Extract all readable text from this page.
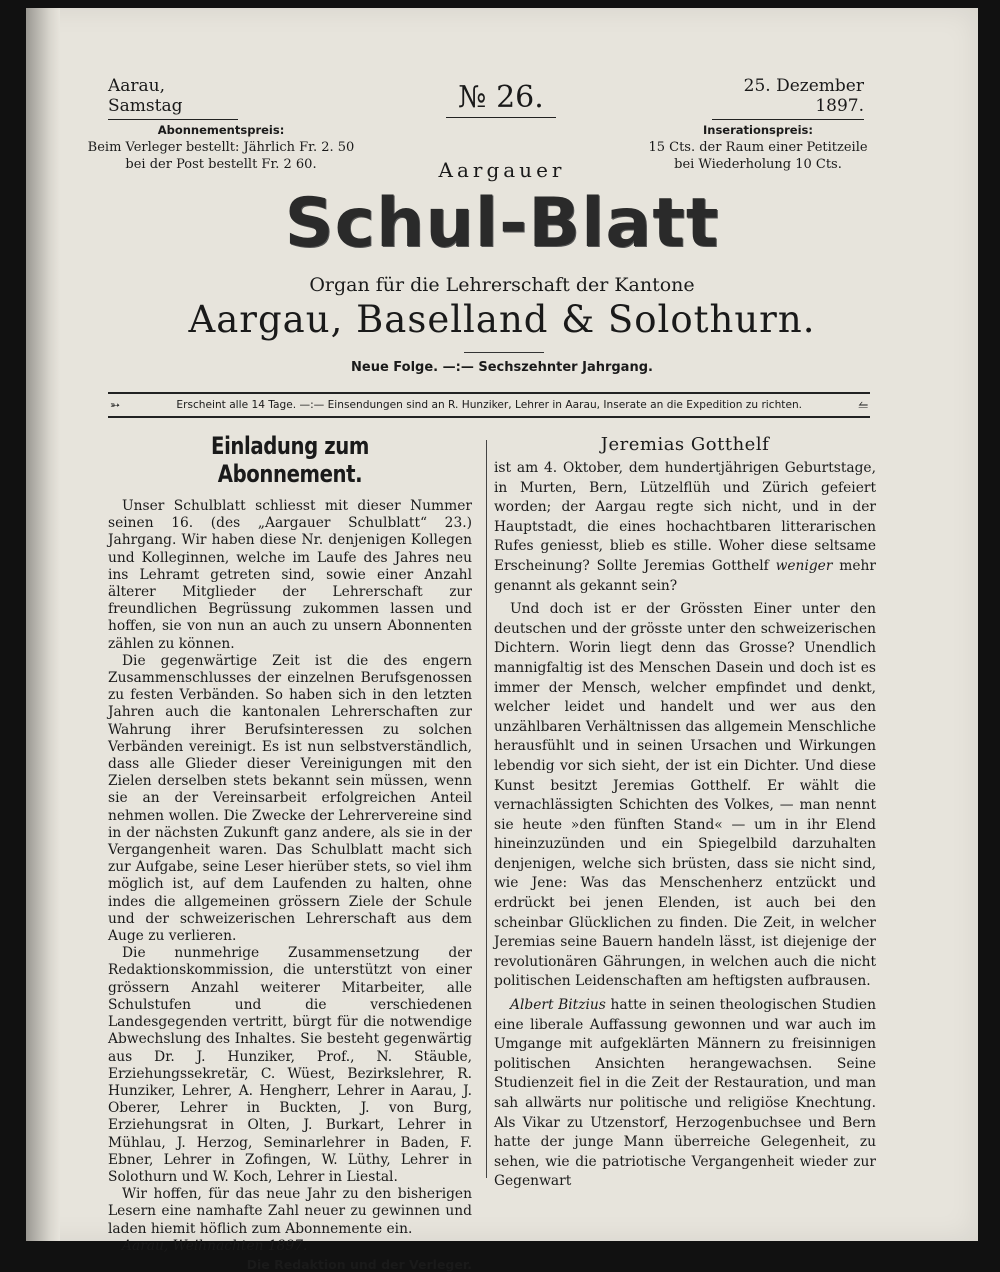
Aarau, Samstag	№ 26.	25. Dezember 1897.
Abonnementspreis:
Beim Verleger bestellt: Jährlich Fr. 2. 50
bei der Post bestellt Fr. 2 60.
Inserationspreis:
15 Cts. der Raum einer Petitzeile
bei Wiederholung 10 Cts.
Aargauer
Schul-Blatt
Organ für die Lehrerschaft der Kantone
Aargau, Baselland & Solothurn.
Neue Folge. —:— Sechszehnter Jahrgang.
➳	Erscheint alle 14 Tage. —:— Einsendungen sind an R. Hunziker, Lehrer in Aarau, Inserate an die Expedition zu richten.	⥪
Einladung zum Abonnement.

Unser Schulblatt schliesst mit dieser Nummer seinen 16. (des „Aargauer Schulblatt“ 23.) Jahrgang. Wir haben diese Nr. denjenigen Kollegen und Kolleginnen, welche im Laufe des Jahres neu ins Lehramt getreten sind, sowie einer Anzahl älterer Mitglieder der Lehrerschaft zur freundlichen Begrüssung zukommen lassen und hoffen, sie von nun an auch zu unsern Abonnenten zählen zu können.

Die gegenwärtige Zeit ist die des engern Zusammenschlusses der einzelnen Berufsgenossen zu festen Verbänden. So haben sich in den letzten Jahren auch die kantonalen Lehrerschaften zur Wahrung ihrer Berufsinteressen zu solchen Verbänden vereinigt. Es ist nun selbstverständlich, dass alle Glieder dieser Vereinigungen mit den Zielen derselben stets bekannt sein müssen, wenn sie an der Vereinsarbeit erfolgreichen Anteil nehmen wollen. Die Zwecke der Lehrervereine sind in der nächsten Zukunft ganz andere, als sie in der Vergangenheit waren. Das Schulblatt macht sich zur Aufgabe, seine Leser hierüber stets, so viel ihm möglich ist, auf dem Laufenden zu halten, ohne indes die allgemeinen grössern Ziele der Schule und der schweizerischen Lehrerschaft aus dem Auge zu verlieren.

Die nunmehrige Zusammensetzung der Redaktionskommission, die unterstützt von einer grössern Anzahl weiterer Mitarbeiter, alle Schulstufen und die verschiedenen Landesgegenden vertritt, bürgt für die notwendige Abwechslung des Inhaltes. Sie besteht gegenwärtig aus Dr. J. Hunziker, Prof., N. Stäuble, Erziehungssekretär, C. Wüest, Bezirkslehrer, R. Hunziker, Lehrer, A. Hengherr, Lehrer in Aarau, J. Oberer, Lehrer in Buckten, J. von Burg, Erziehungsrat in Olten, J. Burkart, Lehrer in Mühlau, J. Herzog, Seminarlehrer in Baden, F. Ebner, Lehrer in Zofingen, W. Lüthy, Lehrer in Solothurn und W. Koch, Lehrer in Liestal.

Wir hoffen, für das neue Jahr zu den bisherigen Lesern eine namhafte Zahl neuer zu gewinnen und laden hiemit höflich zum Abonnemente ein.

Aarau, Weihnachten 1897.

Die Redaktion und der Verleger.
Jeremias Gotthelf

ist am 4. Oktober, dem hundertjährigen Geburtstage, in Murten, Bern, Lützelflüh und Zürich gefeiert worden; der Aargau regte sich nicht, und in der Hauptstadt, die eines hochachtbaren litterarischen Rufes geniesst, blieb es stille. Woher diese seltsame Erscheinung? Sollte Jeremias Gotthelf weniger mehr genannt als gekannt sein?

Und doch ist er der Grössten Einer unter den deutschen und der grösste unter den schweizerischen Dichtern. Worin liegt denn das Grosse? Unendlich mannigfaltig ist des Menschen Dasein und doch ist es immer der Mensch, welcher empfindet und denkt, welcher leidet und handelt und wer aus den unzählbaren Verhältnissen das allgemein Menschliche herausfühlt und in seinen Ursachen und Wirkungen lebendig vor sich sieht, der ist ein Dichter. Und diese Kunst besitzt Jeremias Gotthelf. Er wählt die vernachlässigten Schichten des Volkes, — man nennt sie heute »den fünften Stand« — um in ihr Elend hineinzuzünden und ein Spiegelbild darzuhalten denjenigen, welche sich brüsten, dass sie nicht sind, wie Jene: Was das Menschenherz entzückt und erdrückt bei jenen Elenden, ist auch bei den scheinbar Glücklichen zu finden. Die Zeit, in welcher Jeremias seine Bauern handeln lässt, ist diejenige der revolutionären Gährungen, in welchen auch die nicht politischen Leidenschaften am heftigsten aufbrausen.

Albert Bitzius hatte in seinen theologischen Studien eine liberale Auffassung gewonnen und war auch im Umgange mit aufgeklärten Männern zu freisinnigen politischen Ansichten herangewachsen. Seine Studienzeit fiel in die Zeit der Restauration, und man sah allwärts nur politische und religiöse Knechtung. Als Vikar zu Utzenstorf, Herzogenbuchsee und Bern hatte der junge Mann überreiche Gelegenheit, zu sehen, wie die patriotische Vergangenheit wieder zur Gegenwart
